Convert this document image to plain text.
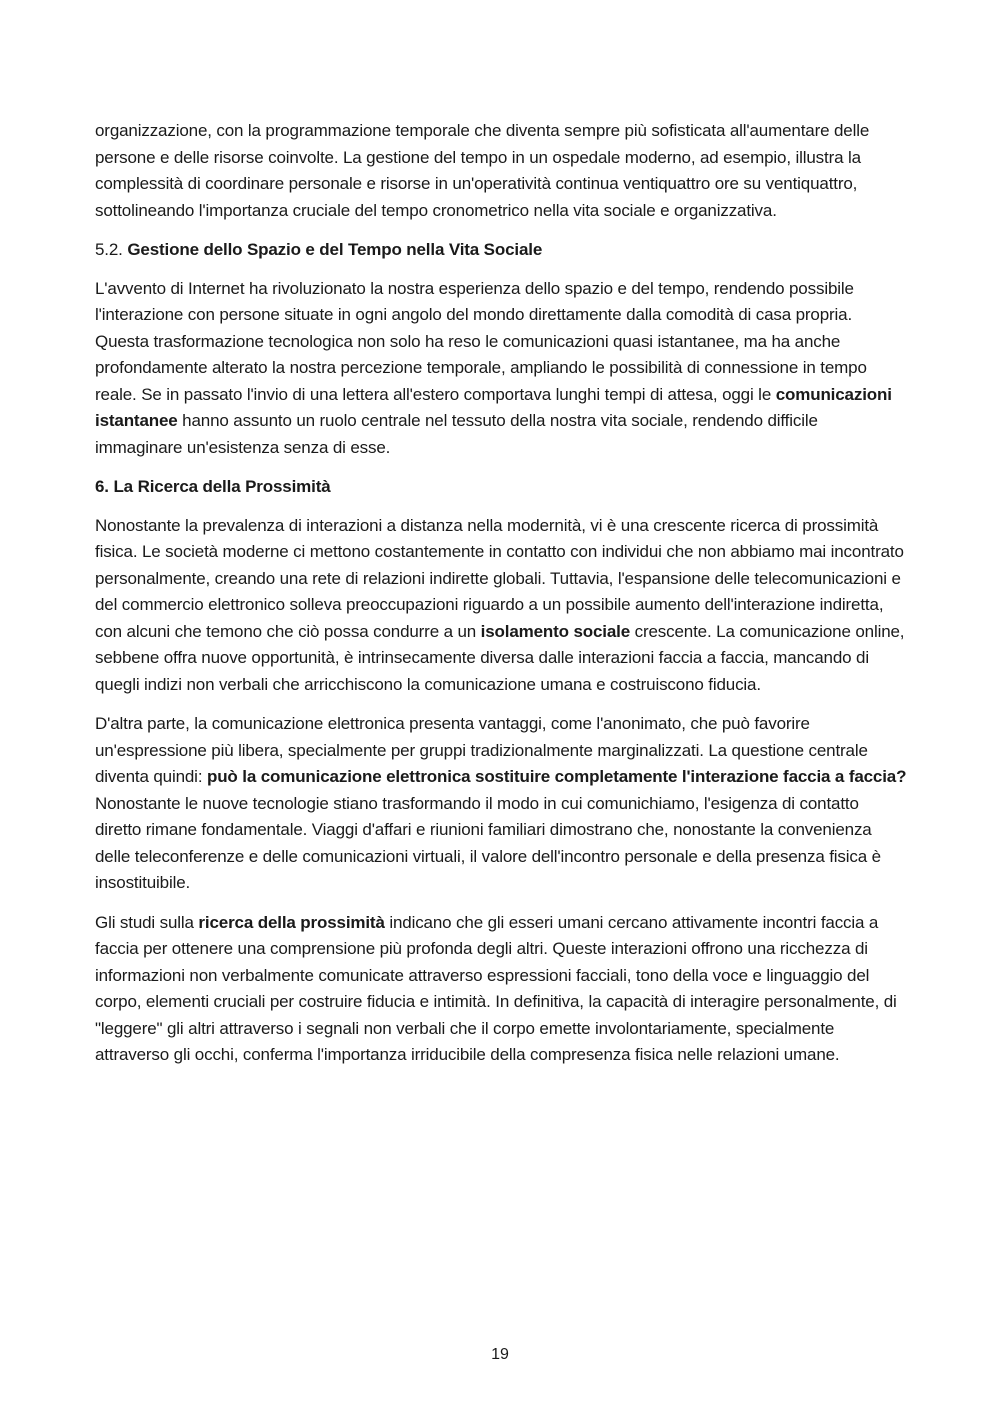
organizzazione, con la programmazione temporale che diventa sempre più sofisticata all'aumentare delle persone e delle risorse coinvolte. La gestione del tempo in un ospedale moderno, ad esempio, illustra la complessità di coordinare personale e risorse in un'operatività continua ventiquattro ore su ventiquattro, sottolineando l'importanza cruciale del tempo cronometrico nella vita sociale e organizzativa.

5.2. Gestione dello Spazio e del Tempo nella Vita Sociale

L'avvento di Internet ha rivoluzionato la nostra esperienza dello spazio e del tempo, rendendo possibile l'interazione con persone situate in ogni angolo del mondo direttamente dalla comodità di casa propria. Questa trasformazione tecnologica non solo ha reso le comunicazioni quasi istantanee, ma ha anche profondamente alterato la nostra percezione temporale, ampliando le possibilità di connessione in tempo reale. Se in passato l'invio di una lettera all'estero comportava lunghi tempi di attesa, oggi le comunicazioni istantanee hanno assunto un ruolo centrale nel tessuto della nostra vita sociale, rendendo difficile immaginare un'esistenza senza di esse.

6. La Ricerca della Prossimità

Nonostante la prevalenza di interazioni a distanza nella modernità, vi è una crescente ricerca di prossimità fisica. Le società moderne ci mettono costantemente in contatto con individui che non abbiamo mai incontrato personalmente, creando una rete di relazioni indirette globali. Tuttavia, l'espansione delle telecomunicazioni e del commercio elettronico solleva preoccupazioni riguardo a un possibile aumento dell'interazione indiretta, con alcuni che temono che ciò possa condurre a un isolamento sociale crescente. La comunicazione online, sebbene offra nuove opportunità, è intrinsecamente diversa dalle interazioni faccia a faccia, mancando di quegli indizi non verbali che arricchiscono la comunicazione umana e costruiscono fiducia.

D'altra parte, la comunicazione elettronica presenta vantaggi, come l'anonimato, che può favorire un'espressione più libera, specialmente per gruppi tradizionalmente marginalizzati. La questione centrale diventa quindi: può la comunicazione elettronica sostituire completamente l'interazione faccia a faccia? Nonostante le nuove tecnologie stiano trasformando il modo in cui comunichiamo, l'esigenza di contatto diretto rimane fondamentale. Viaggi d'affari e riunioni familiari dimostrano che, nonostante la convenienza delle teleconferenze e delle comunicazioni virtuali, il valore dell'incontro personale e della presenza fisica è insostituibile.

Gli studi sulla ricerca della prossimità indicano che gli esseri umani cercano attivamente incontri faccia a faccia per ottenere una comprensione più profonda degli altri. Queste interazioni offrono una ricchezza di informazioni non verbalmente comunicate attraverso espressioni facciali, tono della voce e linguaggio del corpo, elementi cruciali per costruire fiducia e intimità. In definitiva, la capacità di interagire personalmente, di "leggere" gli altri attraverso i segnali non verbali che il corpo emette involontariamente, specialmente attraverso gli occhi, conferma l'importanza irriducibile della compresenza fisica nelle relazioni umane.

19
